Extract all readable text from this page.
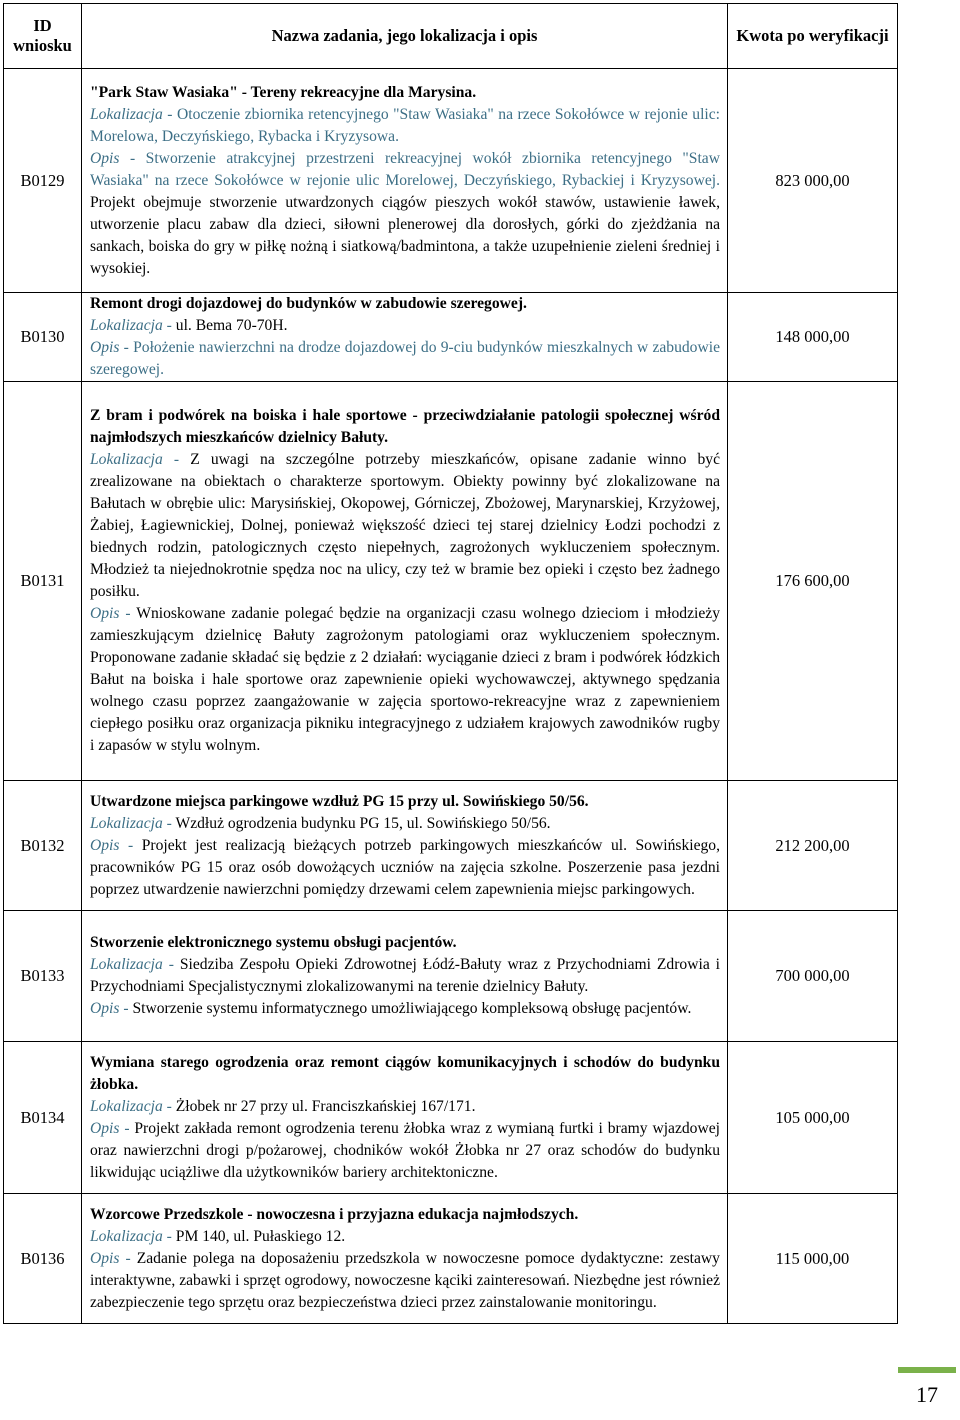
ID wniosku	Nazwa zadania, jego lokalizacja i opis	Kwota po weryfikacji
B0129	"Park Staw Wasiaka" - Tereny rekreacyjne dla Marysina.
Lokalizacja - Otoczenie zbiornika retencyjnego "Staw Wasiaka" na rzece Sokołówce w rejonie ulic: Morelowa, Deczyńskiego, Rybacka i Kryzysowa.
Opis - Stworzenie atrakcyjnej przestrzeni rekreacyjnej wokół zbiornika retencyjnego "Staw Wasiaka" na rzece Sokołówce w rejonie ulic Morelowej, Deczyńskiego, Rybackiej i Kryzysowej. Projekt obejmuje stworzenie utwardzonych ciągów pieszych wokół stawów, ustawienie ławek, utworzenie placu zabaw dla dzieci, siłowni plenerowej dla dorosłych, górki do zjeżdżania na sankach, boiska do gry w piłkę nożną i siatkową/badmintona, a także uzupełnienie zieleni średniej i wysokiej.	823 000,00
B0130	Remont drogi dojazdowej do budynków w zabudowie szeregowej.
Lokalizacja - ul. Bema 70-70H.
Opis - Położenie nawierzchni na drodze dojazdowej do 9-ciu budynków mieszkalnych w zabudowie szeregowej.	148 000,00
B0131	Z bram i podwórek na boiska i hale sportowe - przeciwdziałanie patologii społecznej wśród najmłodszych mieszkańców dzielnicy Bałuty.
Lokalizacja - Z uwagi na szczególne potrzeby mieszkańców, opisane zadanie winno być zrealizowane na obiektach o charakterze sportowym. Obiekty powinny być zlokalizowane na Bałutach w obrębie ulic: Marysińskiej, Okopowej, Górniczej, Zbożowej, Marynarskiej, Krzyżowej, Żabiej, Łagiewnickiej, Dolnej, ponieważ większość dzieci tej starej dzielnicy Łodzi pochodzi z biednych rodzin, patologicznych często niepełnych, zagrożonych wykluczeniem społecznym. Młodzież ta niejednokrotnie spędza noc na ulicy, czy też w bramie bez opieki i często bez żadnego posiłku.
Opis - Wnioskowane zadanie polegać będzie na organizacji czasu wolnego dzieciom i młodzieży zamieszkującym dzielnicę Bałuty zagrożonym patologiami oraz wykluczeniem społecznym. Proponowane zadanie składać się będzie z 2 działań: wyciąganie dzieci z bram i podwórek łódzkich Bałut na boiska i hale sportowe oraz zapewnienie opieki wychowawczej, aktywnego spędzania wolnego czasu poprzez zaangażowanie w zajęcia sportowo-rekreacyjne wraz z zapewnieniem ciepłego posiłku oraz organizacja pikniku integracyjnego z udziałem krajowych zawodników rugby i zapasów w stylu wolnym.	176 600,00
B0132	Utwardzone miejsca parkingowe wzdłuż PG 15 przy ul. Sowińskiego 50/56.
Lokalizacja - Wzdłuż ogrodzenia budynku PG 15, ul. Sowińskiego 50/56.
Opis - Projekt jest realizacją bieżących potrzeb parkingowych mieszkańców ul. Sowińskiego, pracowników PG 15 oraz osób dowożących uczniów na zajęcia szkolne. Poszerzenie pasa jezdni poprzez utwardzenie nawierzchni pomiędzy drzewami celem zapewnienia miejsc parkingowych.	212 200,00
B0133	Stworzenie elektronicznego systemu obsługi pacjentów.
Lokalizacja - Siedziba Zespołu Opieki Zdrowotnej Łódź-Bałuty wraz z Przychodniami Zdrowia i Przychodniami Specjalistycznymi zlokalizowanymi na terenie dzielnicy Bałuty.
Opis - Stworzenie systemu informatycznego umożliwiającego kompleksową obsługę pacjentów.	700 000,00
B0134	Wymiana starego ogrodzenia oraz remont ciągów komunikacyjnych i schodów do budynku żłobka.
Lokalizacja - Żłobek nr 27 przy ul. Franciszkańskiej 167/171.
Opis - Projekt zakłada remont ogrodzenia terenu żłobka wraz z wymianą furtki i bramy wjazdowej oraz nawierzchni drogi p/pożarowej, chodników wokół Żłobka nr 27 oraz schodów do budynku likwidując uciążliwe dla użytkowników bariery architektoniczne.	105 000,00
B0136	Wzorcowe Przedszkole - nowoczesna i przyjazna edukacja najmłodszych.
Lokalizacja - PM 140, ul. Pułaskiego 12.
Opis - Zadanie polega na doposażeniu przedszkola w nowoczesne pomoce dydaktyczne: zestawy interaktywne, zabawki i sprzęt ogrodowy, nowoczesne kąciki zainteresowań. Niezbędne jest również zabezpieczenie tego sprzętu oraz bezpieczeństwa dzieci przez zainstalowanie monitoringu.	115 000,00
17
